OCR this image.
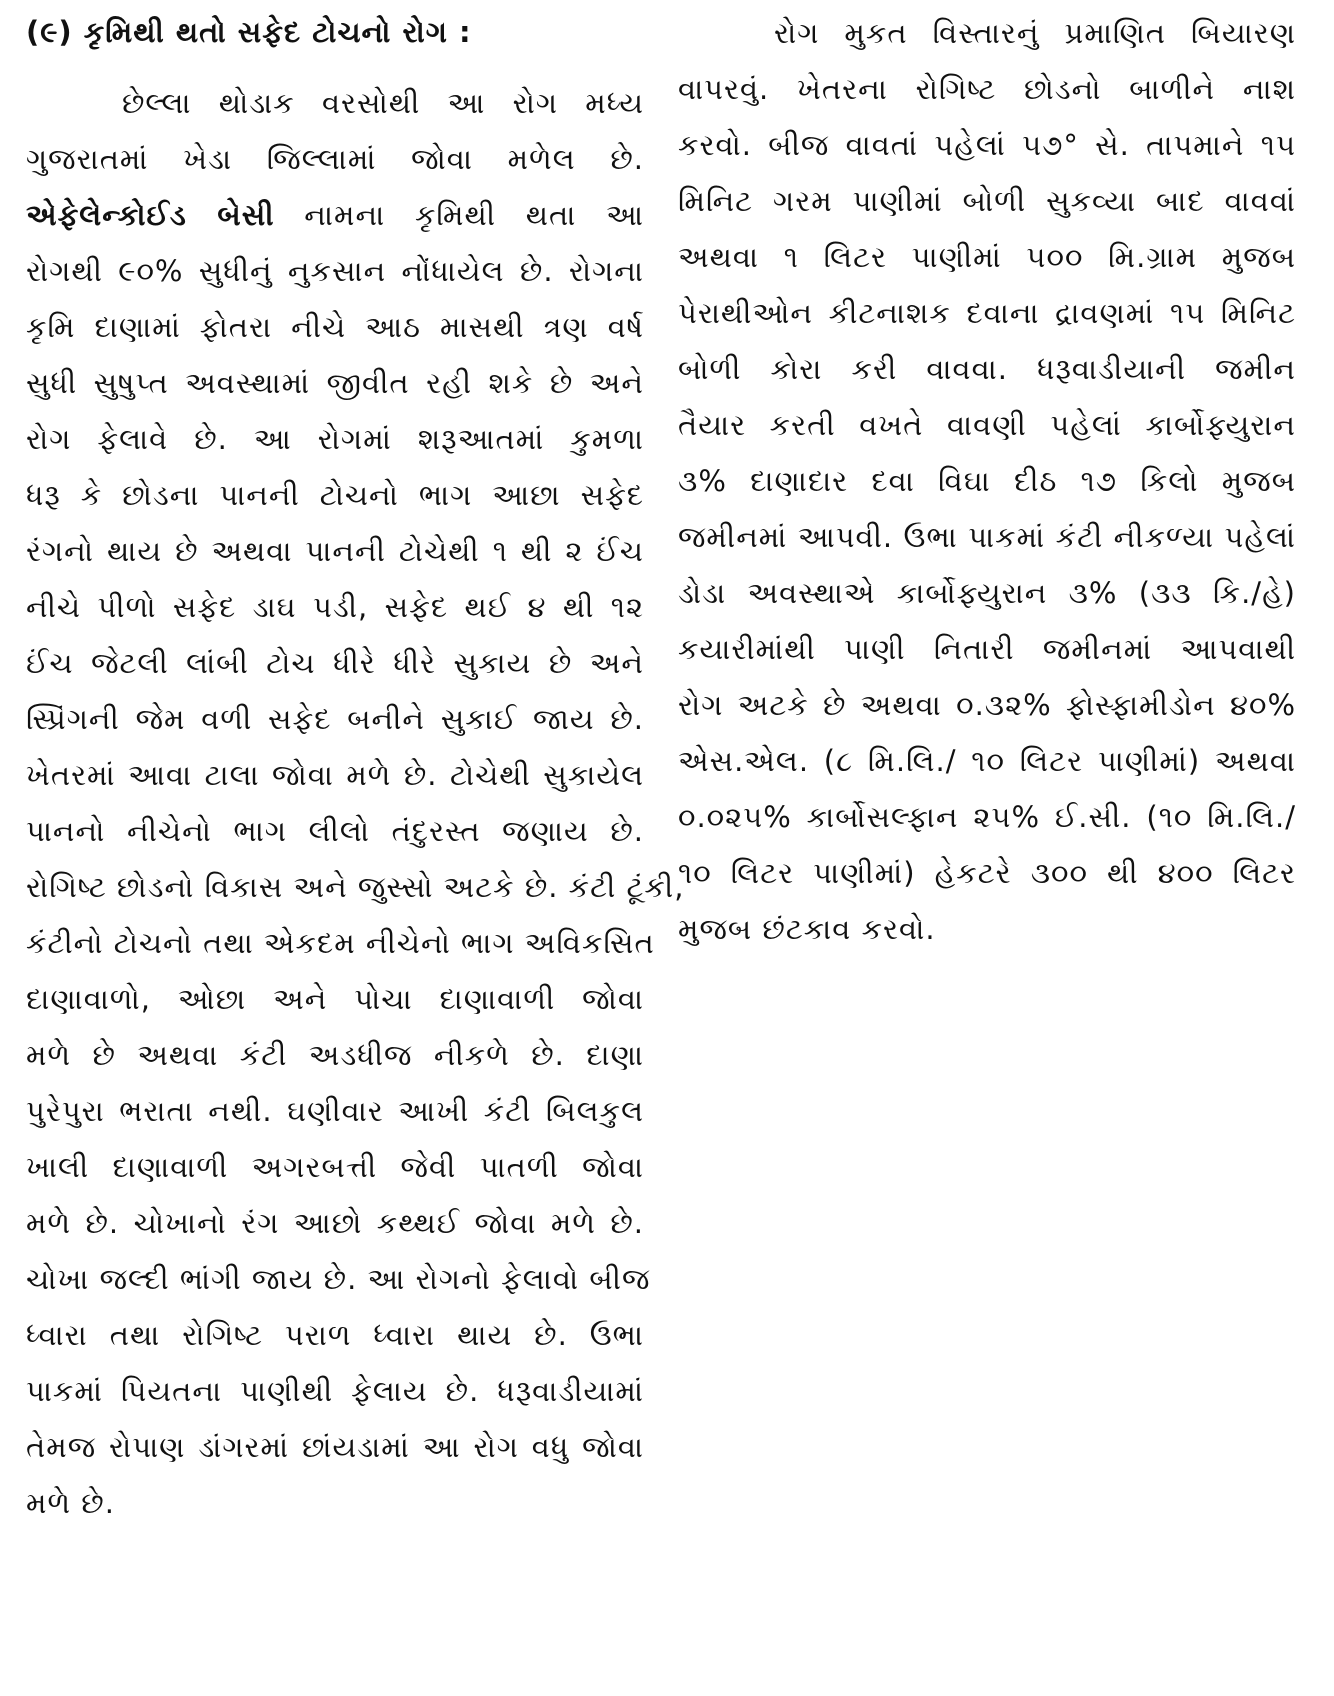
(૯) કૃમિથી થતો સફેદ ટોચનો રોગ :
છેલ્લા થોડાક વરસોથી આ રોગ મધ્ય
ગુજરાતમાં ખેડા જિલ્લામાં જોવા મળેલ છે.
એફેલેન્કોઈડ બેસી નામના કૃમિથી થતા આ
રોગથી ૯૦% સુધીનું નુકસાન નોંધાયેલ છે. રોગના
કૃમિ દાણામાં ફોતરા નીચે આઠ માસથી ત્રણ વર્ષ
સુધી સુષુપ્ત અવસ્થામાં જીવીત રહી શકે છે અને
રોગ ફેલાવે છે. આ રોગમાં શરૂઆતમાં કુમળા
ધરૂ કે છોડના પાનની ટોચનો ભાગ આછા સફેદ
રંગનો થાય છે અથવા પાનની ટોચેથી ૧ થી ૨ ઈંચ
નીચે પીળો સફેદ ડાઘ પડી, સફેદ થઈ ૪ થી ૧૨
ઈંચ જેટલી લાંબી ટોચ ધીરે ધીરે સુકાય છે અને
સ્પ્રિંગની જેમ વળી સફેદ બનીને સુકાઈ જાય છે.
ખેતરમાં આવા ટાલા જોવા મળે છે. ટોચેથી સુકાયેલ
પાનનો નીચેનો ભાગ લીલો તંદુરસ્ત જણાય છે.
રોગિષ્ટ છોડનો વિકાસ અને જુસ્સો અટકે છે. કંટી ટૂંકી,
કંટીનો ટોચનો તથા એકદમ નીચેનો ભાગ અવિકસિત
દાણાવાળો, ઓછા અને પોચા દાણાવાળી જોવા
મળે છે અથવા કંટી અડધીજ નીકળે છે. દાણા
પુરેપુરા ભરાતા નથી. ઘણીવાર આખી કંટી બિલકુલ
ખાલી દાણાવાળી અગરબત્તી જેવી પાતળી જોવા
મળે છે. ચોખાનો રંગ આછો કથ્થઈ જોવા મળે છે.
ચોખા જલ્દી ભાંગી જાય છે. આ રોગનો ફેલાવો બીજ
ધ્વારા તથા રોગિષ્ટ પરાળ ધ્વારા થાય છે. ઉભા
પાકમાં પિયતના પાણીથી ફેલાય છે. ધરૂવાડીયામાં
તેમજ રોપાણ ડાંગરમાં છાંયડામાં આ રોગ વધુ જોવા
મળે છે.
રોગ મુકત વિસ્તારનું પ્રમાણિત બિયારણ
વાપરવું. ખેતરના રોગિષ્ટ છોડનો બાળીને નાશ
કરવો. બીજ વાવતાં પહેલાં ૫૭° સે. તાપમાને ૧૫
મિનિટ ગરમ પાણીમાં બોળી સુકવ્યા બાદ વાવવાં
અથવા ૧ લિટર પાણીમાં ૫૦૦ મિ.ગ્રામ મુજબ
પેરાથીઓન કીટનાશક દવાના દ્રાવણમાં ૧૫ મિનિટ
બોળી કોરા કરી વાવવા. ધરૂવાડીયાની જમીન
તૈયાર કરતી વખતે વાવણી પહેલાં કાર્બોફ્યુરાન
૩% દાણાદાર દવા વિઘા દીઠ ૧૭ કિલો મુજબ
જમીનમાં આપવી. ઉભા પાકમાં કંટી નીકળ્યા પહેલાં
ડોડા અવસ્થાએ કાર્બોફ્યુરાન ૩% (૩૩ કિ./હે)
કયારીમાંથી પાણી નિતારી જમીનમાં આપવાથી
રોગ અટકે છે અથવા ૦.૩૨% ફોસ્ફામીડોન ૪૦%
એસ.એલ. (૮ મિ.લિ./ ૧૦ લિટર પાણીમાં) અથવા
૦.૦૨૫% કાર્બોસલ્ફાન ૨૫% ઈ.સી. (૧૦ મિ.લિ./
૧૦ લિટર પાણીમાં) હેકટરે ૩૦૦ થી ૪૦૦ લિટર
મુજબ છંટકાવ કરવો.
